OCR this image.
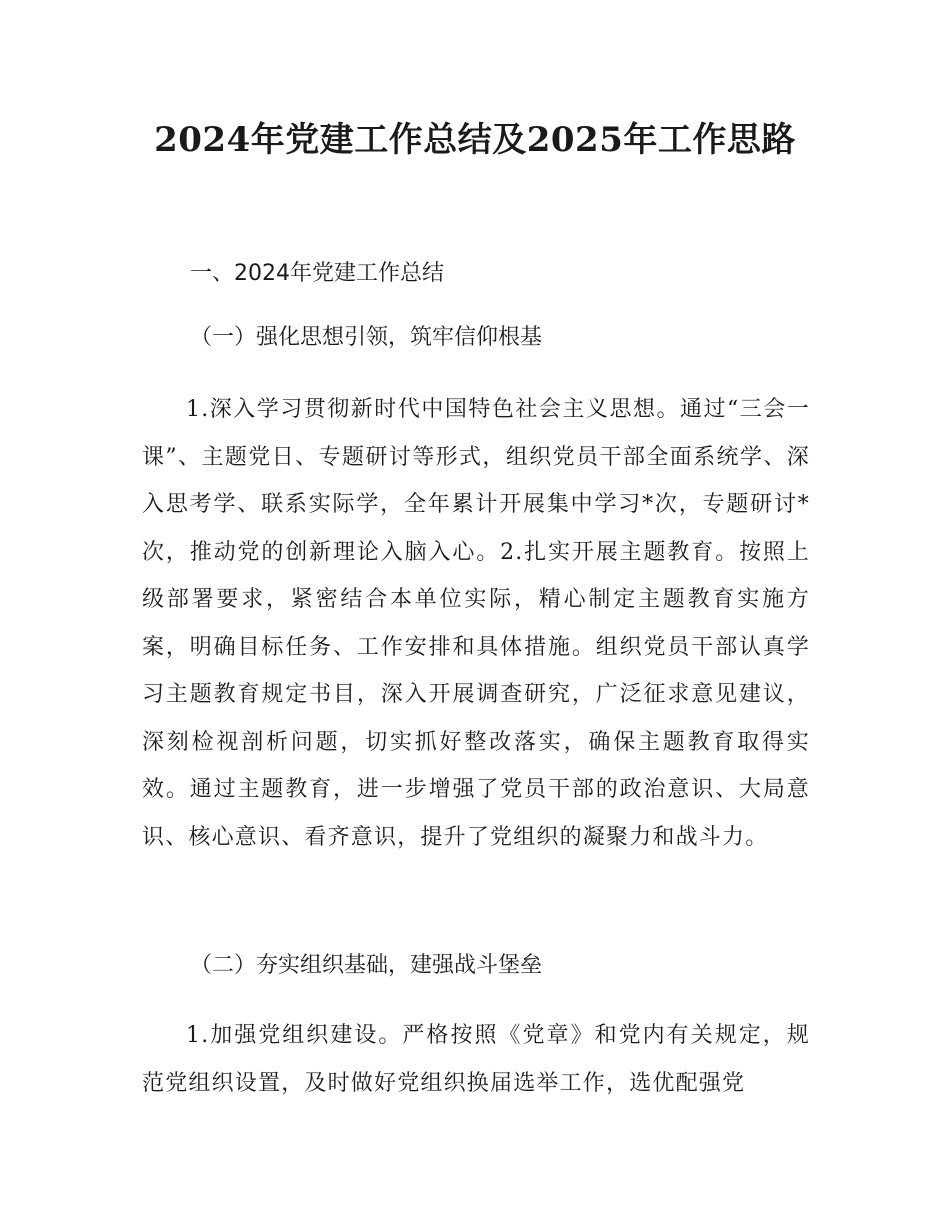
2024年党建工作总结及2025年工作思路
一、2024年党建工作总结
（一）强化思想引领，筑牢信仰根基

1.深入学习贯彻新时代中国特色社会主义思想。通过“三会一课”、主题党日、专题研讨等形式，组织党员干部全面系统学、深入思考学、联系实际学，全年累计开展集中学习*次，专题研讨*次，推动党的创新理论入脑入心。2.扎实开展主题教育。按照上级部署要求，紧密结合本单位实际，精心制定主题教育实施方案，明确目标任务、工作安排和具体措施。组织党员干部认真学习主题教育规定书目，深入开展调查研究，广泛征求意见建议，深刻检视剖析问题，切实抓好整改落实，确保主题教育取得实效。通过主题教育，进一步增强了党员干部的政治意识、大局意识、核心意识、看齐意识，提升了党组织的凝聚力和战斗力。

（二）夯实组织基础，建强战斗堡垒

1.加强党组织建设。严格按照《党章》和党内有关规定，规范党组织设置，及时做好党组织换届选举工作，选优配强党
